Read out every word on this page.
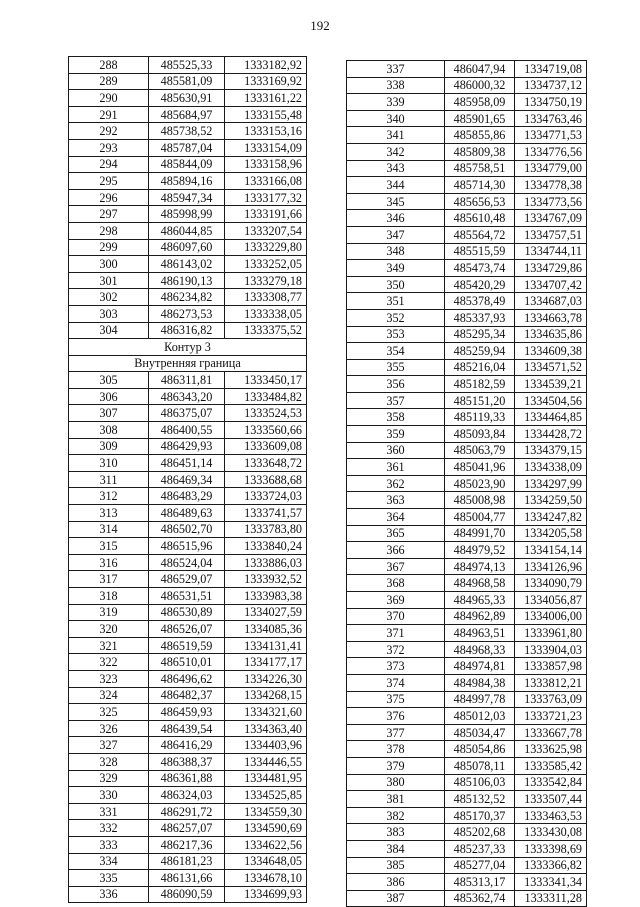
192
288	485525,33	1333182,92
289	485581,09	1333169,92
290	485630,91	1333161,22
291	485684,97	1333155,48
292	485738,52	1333153,16
293	485787,04	1333154,09
294	485844,09	1333158,96
295	485894,16	1333166,08
296	485947,34	1333177,32
297	485998,99	1333191,66
298	486044,85	1333207,54
299	486097,60	1333229,80
300	486143,02	1333252,05
301	486190,13	1333279,18
302	486234,82	1333308,77
303	486273,53	1333338,05
304	486316,82	1333375,52
Контур 3		
Внутренняя граница		
305	486311,81	1333450,17
306	486343,20	1333484,82
307	486375,07	1333524,53
308	486400,55	1333560,66
309	486429,93	1333609,08
310	486451,14	1333648,72
311	486469,34	1333688,68
312	486483,29	1333724,03
313	486489,63	1333741,57
314	486502,70	1333783,80
315	486515,96	1333840,24
316	486524,04	1333886,03
317	486529,07	1333932,52
318	486531,51	1333983,38
319	486530,89	1334027,59
320	486526,07	1334085,36
321	486519,59	1334131,41
322	486510,01	1334177,17
323	486496,62	1334226,30
324	486482,37	1334268,15
325	486459,93	1334321,60
326	486439,54	1334363,40
327	486416,29	1334403,96
328	486388,37	1334446,55
329	486361,88	1334481,95
330	486324,03	1334525,85
331	486291,72	1334559,30
332	486257,07	1334590,69
333	486217,36	1334622,56
334	486181,23	1334648,05
335	486131,66	1334678,10
336	486090,59	1334699,93
337	486047,94	1334719,08
338	486000,32	1334737,12
339	485958,09	1334750,19
340	485901,65	1334763,46
341	485855,86	1334771,53
342	485809,38	1334776,56
343	485758,51	1334779,00
344	485714,30	1334778,38
345	485656,53	1334773,56
346	485610,48	1334767,09
347	485564,72	1334757,51
348	485515,59	1334744,11
349	485473,74	1334729,86
350	485420,29	1334707,42
351	485378,49	1334687,03
352	485337,93	1334663,78
353	485295,34	1334635,86
354	485259,94	1334609,38
355	485216,04	1334571,52
356	485182,59	1334539,21
357	485151,20	1334504,56
358	485119,33	1334464,85
359	485093,84	1334428,72
360	485063,79	1334379,15
361	485041,96	1334338,09
362	485023,90	1334297,99
363	485008,98	1334259,50
364	485004,77	1334247,82
365	484991,70	1334205,58
366	484979,52	1334154,14
367	484974,13	1334126,96
368	484968,58	1334090,79
369	484965,33	1334056,87
370	484962,89	1334006,00
371	484963,51	1333961,80
372	484968,33	1333904,03
373	484974,81	1333857,98
374	484984,38	1333812,21
375	484997,78	1333763,09
376	485012,03	1333721,23
377	485034,47	1333667,78
378	485054,86	1333625,98
379	485078,11	1333585,42
380	485106,03	1333542,84
381	485132,52	1333507,44
382	485170,37	1333463,53
383	485202,68	1333430,08
384	485237,33	1333398,69
385	485277,04	1333366,82
386	485313,17	1333341,34
387	485362,74	1333311,28
